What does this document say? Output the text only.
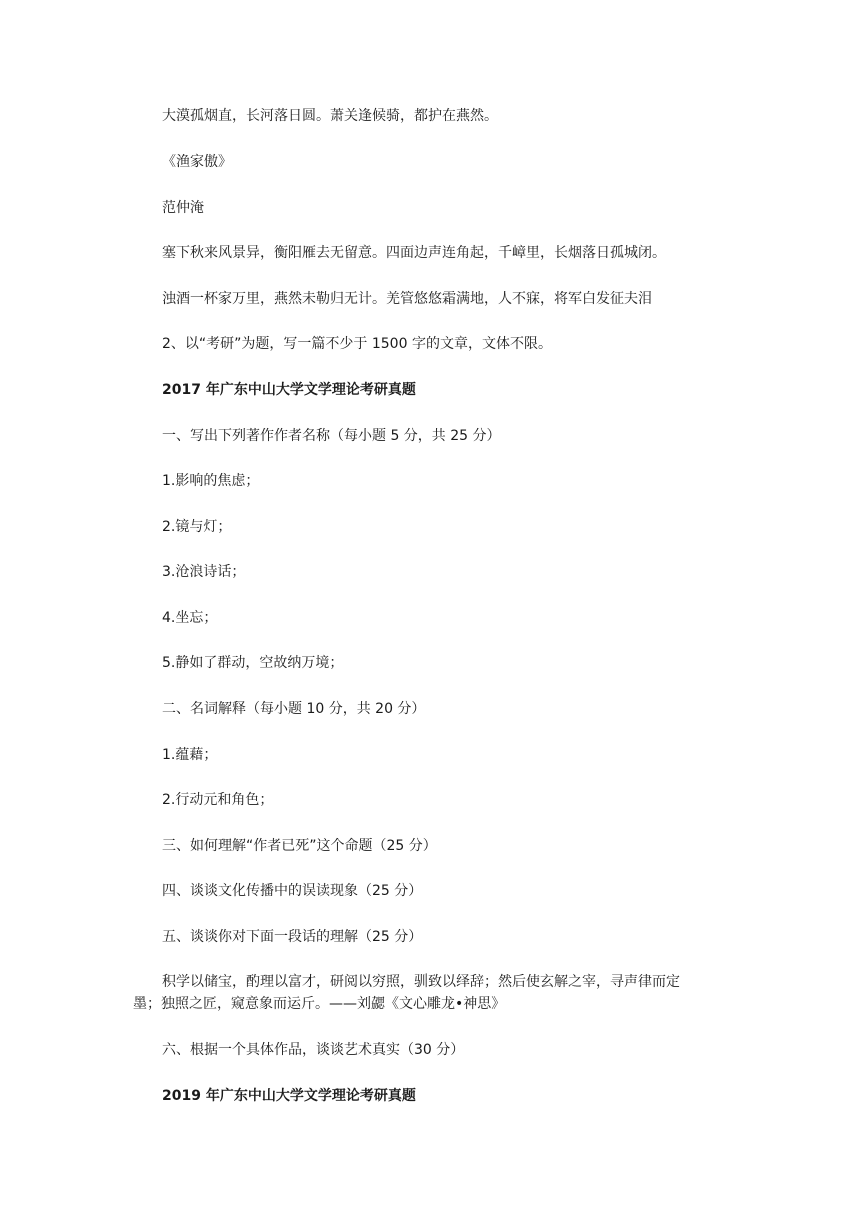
大漠孤烟直，长河落日圆。萧关逢候骑，都护在燕然。
《渔家傲》
范仲淹
塞下秋来风景异，衡阳雁去无留意。四面边声连角起，千嶂里，长烟落日孤城闭。
浊酒一杯家万里，燕然未勒归无计。羌管悠悠霜满地，人不寐，将军白发征夫泪
2、以“考研”为题，写一篇不少于 1500 字的文章，文体不限。
2017 年广东中山大学文学理论考研真题
一、写出下列著作作者名称（每小题 5 分，共 25 分）
1.影响的焦虑；
2.镜与灯；
3.沧浪诗话；
4.坐忘；
5.静如了群动，空故纳万境；
二、名词解释（每小题 10 分，共 20 分）
1.蕴藉；
2.行动元和角色；
三、如何理解“作者已死”这个命题（25 分）
四、谈谈文化传播中的误读现象（25 分）
五、谈谈你对下面一段话的理解（25 分）
积学以储宝，酌理以富才，研阅以穷照，驯致以绎辞；然后使玄解之宰，寻声律而定
墨；独照之匠，窥意象而运斤。——刘勰《文心雕龙•神思》
六、根据一个具体作品，谈谈艺术真实（30 分）
2019 年广东中山大学文学理论考研真题
